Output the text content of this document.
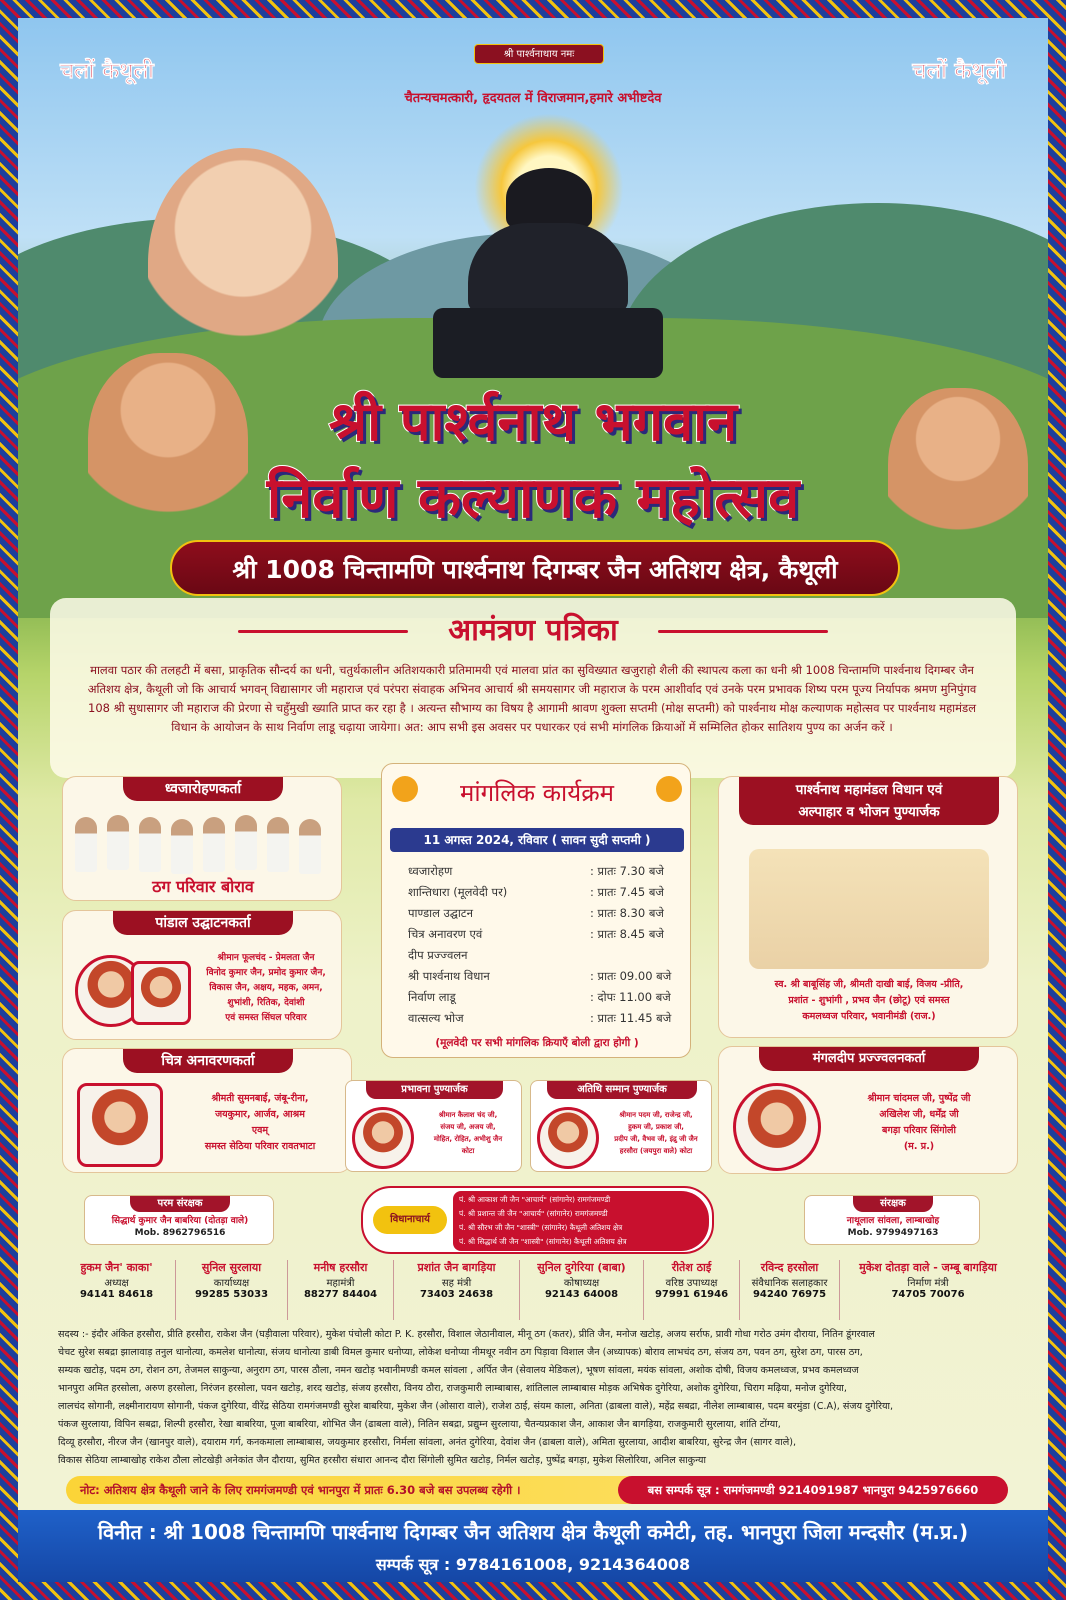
चलों कैथूली	चलों कैथूली
श्री पार्श्वनाथाय नमः
चैतन्यचमत्कारी, हृदयतल में विराजमान,हमारे अभीष्टदेव
श्री पार्श्वनाथ भगवान
निर्वाण कल्याणक महोत्सव
श्री 1008 चिन्तामणि पार्श्वनाथ दिगम्बर जैन अतिशय क्षेत्र, कैथूली
आमंत्रण पत्रिका
मालवा पठार की तलहटी में बसा, प्राकृतिक सौन्दर्य का धनी, चतुर्थकालीन अतिशयकारी प्रतिमामयी एवं मालवा प्रांत का सुविख्यात खजुराहो शैली की स्थापत्य कला का धनी श्री 1008 चिन्तामणि पार्श्वनाथ दिगम्बर जैन अतिशय क्षेत्र, कैथूली जो कि आचार्य भगवन् विद्यासागर जी महाराज एवं परंपरा संवाहक अभिनव आचार्य श्री समयसागर जी महाराज के परम आशीर्वाद एवं उनके परम प्रभावक शिष्य परम पूज्य निर्यापक श्रमण मुनिपुंगव 108 श्री सुधासागर जी महाराज की प्रेरणा से चहुँमुखी ख्याति प्राप्त कर रहा है । अत्यन्त सौभाग्य का विषय है आगामी श्रावण शुक्ला सप्तमी (मोक्ष सप्तमी) को पार्श्वनाथ मोक्ष कल्याणक महोत्सव पर पार्श्वनाथ महामंडल विधान के आयोजन के साथ निर्वाण लाडू चढ़ाया जायेगा। अत: आप सभी इस अवसर पर पधारकर एवं सभी मांगलिक क्रियाओं में सम्मिलित होकर सातिशय पुण्य का अर्जन करें ।
ध्वजारोहणकर्ता
ठग परिवार बोराव
पांडाल उद्घाटनकर्ता
श्रीमान फूलचंद - प्रेमलता जैन
विनोद कुमार जैन, प्रमोद कुमार जैन,
विकास जैन, अक्षय, महक, अमन,
शुभांशी, रितिक, देवांशी
एवं समस्त सिंघल परिवार
चित्र अनावरणकर्ता
श्रीमती सुमनबाई, जंबू-रीना,
जयकुमार, आर्जव, आश्रम
एवम्
समस्त सेठिया परिवार रावतभाटा
मांगलिक कार्यक्रम
11 अगस्त 2024, रविवार ( सावन सुदी सप्तमी )
ध्वजारोहण	: प्रातः 7.30 बजे
शान्तिधारा (मूलवेदी पर)	: प्रातः 7.45 बजे
पाण्डाल उद्घाटन	: प्रातः 8.30 बजे
चित्र अनावरण एवं	: प्रातः 8.45 बजे
दीप प्रज्ज्वलन
श्री पार्श्वनाथ विधान	: प्रातः 09.00 बजे
निर्वाण लाडू	: दोपः 11.00 बजे
वात्सल्य भोज	: प्रातः 11.45 बजे
(मूलवेदी पर सभी मांगलिक क्रियाएँ बोली द्वारा होगी )
पार्श्वनाथ महामंडल विधान एवं
अल्पाहार व भोजन पुण्यार्जक
स्व. श्री बाबूसिंह जी, श्रीमती दाखी बाई, विजय -प्रीति,
प्रशांत - शुभांगी , प्रभव जैन (छोटू) एवं समस्त
कमलध्वज परिवार, भवानीमंडी (राज.)
मंगलदीप प्रज्ज्वलनकर्ता
श्रीमान चांदमल जी, पुष्पेंद्र जी
अखिलेश जी, धर्मेंद्र जी
बगड़ा परिवार सिंगोली
(म. प्र.)
प्रभावना पुण्यार्जक
श्रीमान कैलाश चंद जी,
संजय जी, अजय जी,
मोहित, रोहित, अभीशु जैन
कोटा
अतिथि सम्मान पुण्यार्जक
श्रीमान पदम जी, राजेन्द्र जी,
हुकम जी, प्रकाश जी,
प्रदीप जी, वैभव जी, इंद्रु जी जैन
हरसौरा (जयपुरा वाले) कोटा
परम संरक्षक
सिद्धार्थ कुमार जैन बाबरिया (दोतड़ा वाले)
Mob. 8962796516
विधानाचार्य
पं. श्री आकाश जी जैन "आचार्य" (सांगानेर) रामगंजमण्डी
पं. श्री प्रशान्त जी जैन "आचार्य" (सांगानेर) रामगंजमण्डी
पं. श्री सौरभ जी जैन "शास्त्री" (सांगानेर) कैथूली अतिशय क्षेत्र
पं. श्री सिद्धार्थ जी जैन "शास्त्री" (सांगानेर) कैथूली अतिशय क्षेत्र
संरक्षक
नाथूलाल सांवला, लाम्बाखोह
Mob. 9799497163
हुकम जैन' काका'
अध्यक्ष
94141 84618
सुनिल सुरलाया
कार्याध्यक्ष
99285 53033
मनीष हरसौरा
महामंत्री
88277 84404
प्रशांत जैन बागड़िया
सह मंत्री
73403 24638
सुनिल दुगेरिया (बाबा)
कोषाध्यक्ष
92143 64008
रीतेश ठाई
वरिष्ठ उपाध्यक्ष
97991 61946
रविन्द हरसोला
संवैधानिक सलाहकार
94240 76975
मुकेश दोतड़ा वाले - जम्बू बागड़िया
निर्माण मंत्री
74705 70076
सदस्य :- इंदौर अंकित हरसौरा, प्रीति हरसौरा, राकेश जैन (घड़ीवाला परिवार), मुकेश पंचोली कोटा P. K. हरसौरा, विशाल जेठानीवाल, मीनू ठग (कतर), प्रीति जैन, मनोज खटोड़, अजय सर्राफ, प्रावी गोधा गरोठ उमंग दौराया, नितिन डूंगरवाल
चेचट सुरेश सबद्रा झालावाड़ तनुल धानोत्या, कमलेश धानोत्या, संजय धानोत्या डाबी विमल कुमार धनोप्या, लोकेश धनोप्या नीमथूर नवीन ठग पिड़ावा विशाल जैन (अध्यापक) बोराव लाभचंद ठग, संजय ठग, पवन ठग, सुरेश ठग, पारस ठग,
सम्यक खटोड़, पदम ठग, रोशन ठग, तेजमल साकुन्या, अनुराग ठग, पारस ठौला, नमन खटोड़ भवानीमण्डी कमल सांवला , अर्पित जैन (सेवालय मेडिकल), भूषण सांवला, मयंक सांवला, अशोक दोषी, विजय कमलध्वज, प्रभव कमलध्वज
भानपुरा अमित हरसोला, अरुण हरसोला, निरंजन हरसोला, पवन खटोड़, शरद खटोड़, संजय हरसौरा, विनय ठौरा, राजकुमारी लाम्बाबास, शांतिलाल लाम्बाबास मोड़क अभिषेक दुगेरिया, अशोक दुगेरिया, चिराग मढ़िया, मनोज दुगेरिया,
लालचंद सोगानी, लक्ष्मीनारायण सोगानी, पंकज दुगेरिया, वीरेंद्र सेठिया रामगंजमण्डी सुरेश बाबरिया, मुकेश जैन (ओसारा वाले), राजेश ठाई, संयम काला, अनिता (ढाबला वाले), महेंद्र सबद्रा, नीलेश लाम्बाबास, पदम बरमुंडा (C.A), संजय दुगेरिया,
पंकज सुरलाया, विपिन सबद्रा, शिल्पी हरसौरा, रेखा बाबरिया, पूजा बाबरिया, शोभित जैन (ढाबला वाले), नितिन सबद्रा, प्रद्युम्न सुरलाया, चैतन्यप्रकाश जैन, आकाश जैन बागड़िया, राजकुमारी सुरलाया, शांति टोंग्या,
दिव्यू हरसौरा, नीरज जैन (खानपुर वाले), दयाराम गर्ग, कनकमाला लाम्बाबास, जयकुमार हरसौरा, निर्मला सांवला, अनंत दुगेरिया, देवांश जैन (ढाबला वाले), अमिता सुरलाया, आदीश बाबरिया, सुरेन्द्र जैन (सागर वाले),
विकास सेठिया लाम्बाखोह राकेश ठौला लोटखेड़ी अनेकांत जैन दौराया, सुमित हरसौरा संधारा आनन्द दौरा सिंगोली सुमित खटोड़, निर्मल खटोड़, पुष्पेंद्र बगड़ा, मुकेश सिलोरिया, अनिल साकुन्या
नोट: अतिशय क्षेत्र कैथूली जाने के लिए रामगंजमण्डी एवं भानपुरा में प्रातः 6.30 बजे बस उपलब्ध रहेगी ।	बस सम्पर्क सूत्र : रामगंजमण्डी 9214091987 भानपुरा 9425976660
विनीत : श्री 1008 चिन्तामणि पार्श्वनाथ दिगम्बर जैन अतिशय क्षेत्र कैथूली कमेटी, तह. भानपुरा जिला मन्दसौर (म.प्र.)
सम्पर्क सूत्र : 9784161008, 9214364008
